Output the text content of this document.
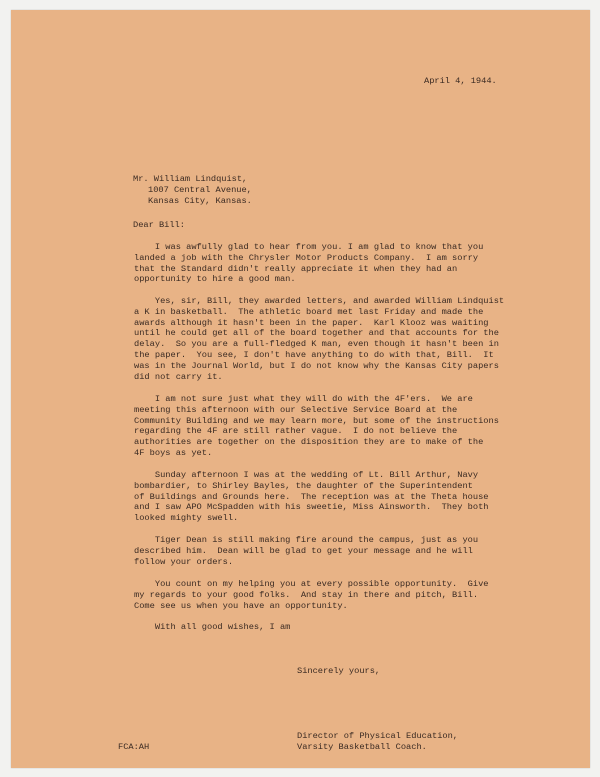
April 4, 1944.
Mr. William Lindquist,
1007 Central Avenue,
Kansas City, Kansas.
Dear Bill:
I was awfully glad to hear from you. I am glad to know that you
landed a job with the Chrysler Motor Products Company.  I am sorry
that the Standard didn't really appreciate it when they had an
opportunity to hire a good man.
Yes, sir, Bill, they awarded letters, and awarded William Lindquist
a K in basketball.  The athletic board met last Friday and made the
awards although it hasn't been in the paper.  Karl Klooz was waiting
until he could get all of the board together and that accounts for the
delay.  So you are a full-fledged K man, even though it hasn't been in
the paper.  You see, I don't have anything to do with that, Bill.  It
was in the Journal World, but I do not know why the Kansas City papers
did not carry it.
I am not sure just what they will do with the 4F'ers.  We are
meeting this afternoon with our Selective Service Board at the
Community Building and we may learn more, but some of the instructions
regarding the 4F are still rather vague.  I do not believe the
authorities are together on the disposition they are to make of the
4F boys as yet.
Sunday afternoon I was at the wedding of Lt. Bill Arthur, Navy
bombardier, to Shirley Bayles, the daughter of the Superintendent
of Buildings and Grounds here.  The reception was at the Theta house
and I saw APO McSpadden with his sweetie, Miss Ainsworth.  They both
looked mighty swell.
Tiger Dean is still making fire around the campus, just as you
described him.  Dean will be glad to get your message and he will
follow your orders.
You count on my helping you at every possible opportunity.  Give
my regards to your good folks.  And stay in there and pitch, Bill.
Come see us when you have an opportunity.
With all good wishes, I am
Sincerely yours,
Director of Physical Education,
Varsity Basketball Coach.
FCA:AH
